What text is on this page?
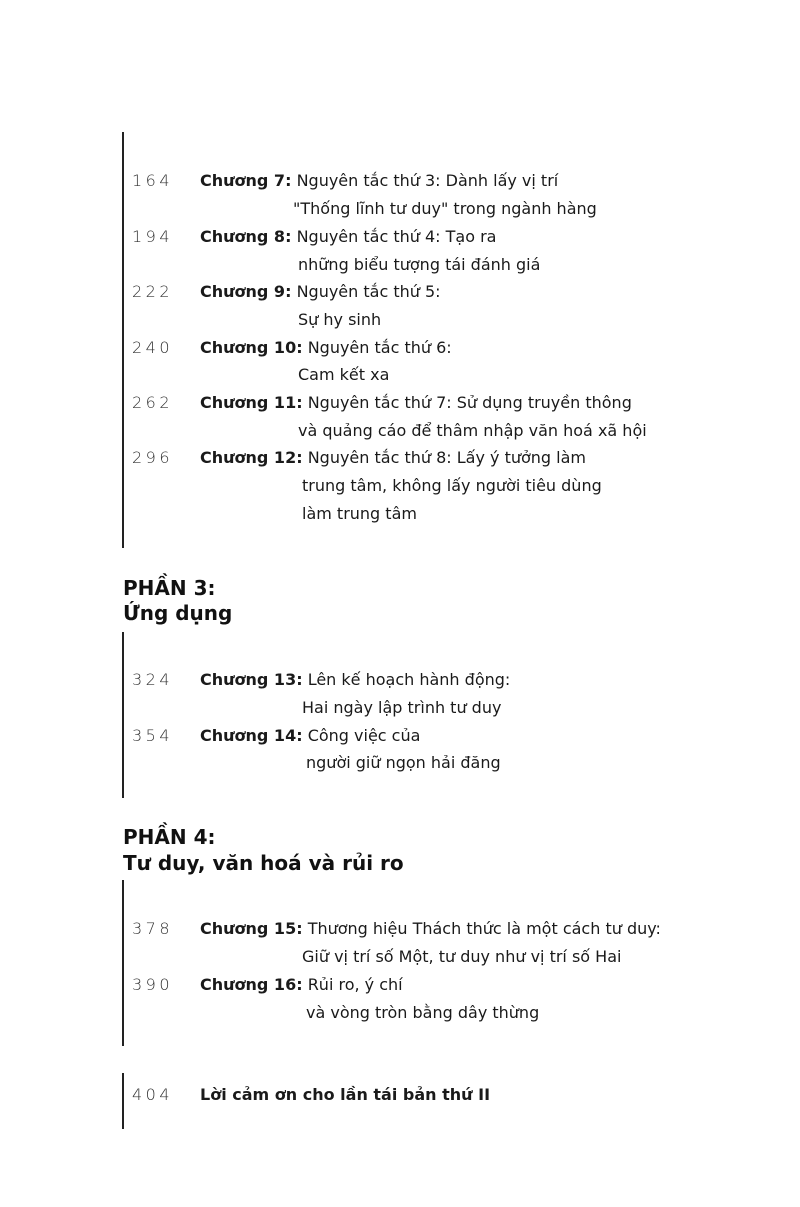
164 Chương 7: Nguyên tắc thứ 3: Dành lấy vị trí
"Thống lĩnh tư duy" trong ngành hàng
194 Chương 8: Nguyên tắc thứ 4: Tạo ra
những biểu tượng tái đánh giá
222 Chương 9: Nguyên tắc thứ 5:
Sự hy sinh
240 Chương 10: Nguyên tắc thứ 6:
Cam kết xa
262 Chương 11: Nguyên tắc thứ 7: Sử dụng truyền thông
và quảng cáo để thâm nhập văn hoá xã hội
296 Chương 12: Nguyên tắc thứ 8: Lấy ý tưởng làm
trung tâm, không lấy người tiêu dùng
làm trung tâm
PHẦN 3:
Ứng dụng
324 Chương 13: Lên kế hoạch hành động:
Hai ngày lập trình tư duy
354 Chương 14: Công việc của
người giữ ngọn hải đăng
PHẦN 4:
Tư duy, văn hoá và rủi ro
378 Chương 15: Thương hiệu Thách thức là một cách tư duy:
Giữ vị trí số Một, tư duy như vị trí số Hai
390 Chương 16: Rủi ro, ý chí
và vòng tròn bằng dây thừng
404 Lời cảm ơn cho lần tái bản thứ II
